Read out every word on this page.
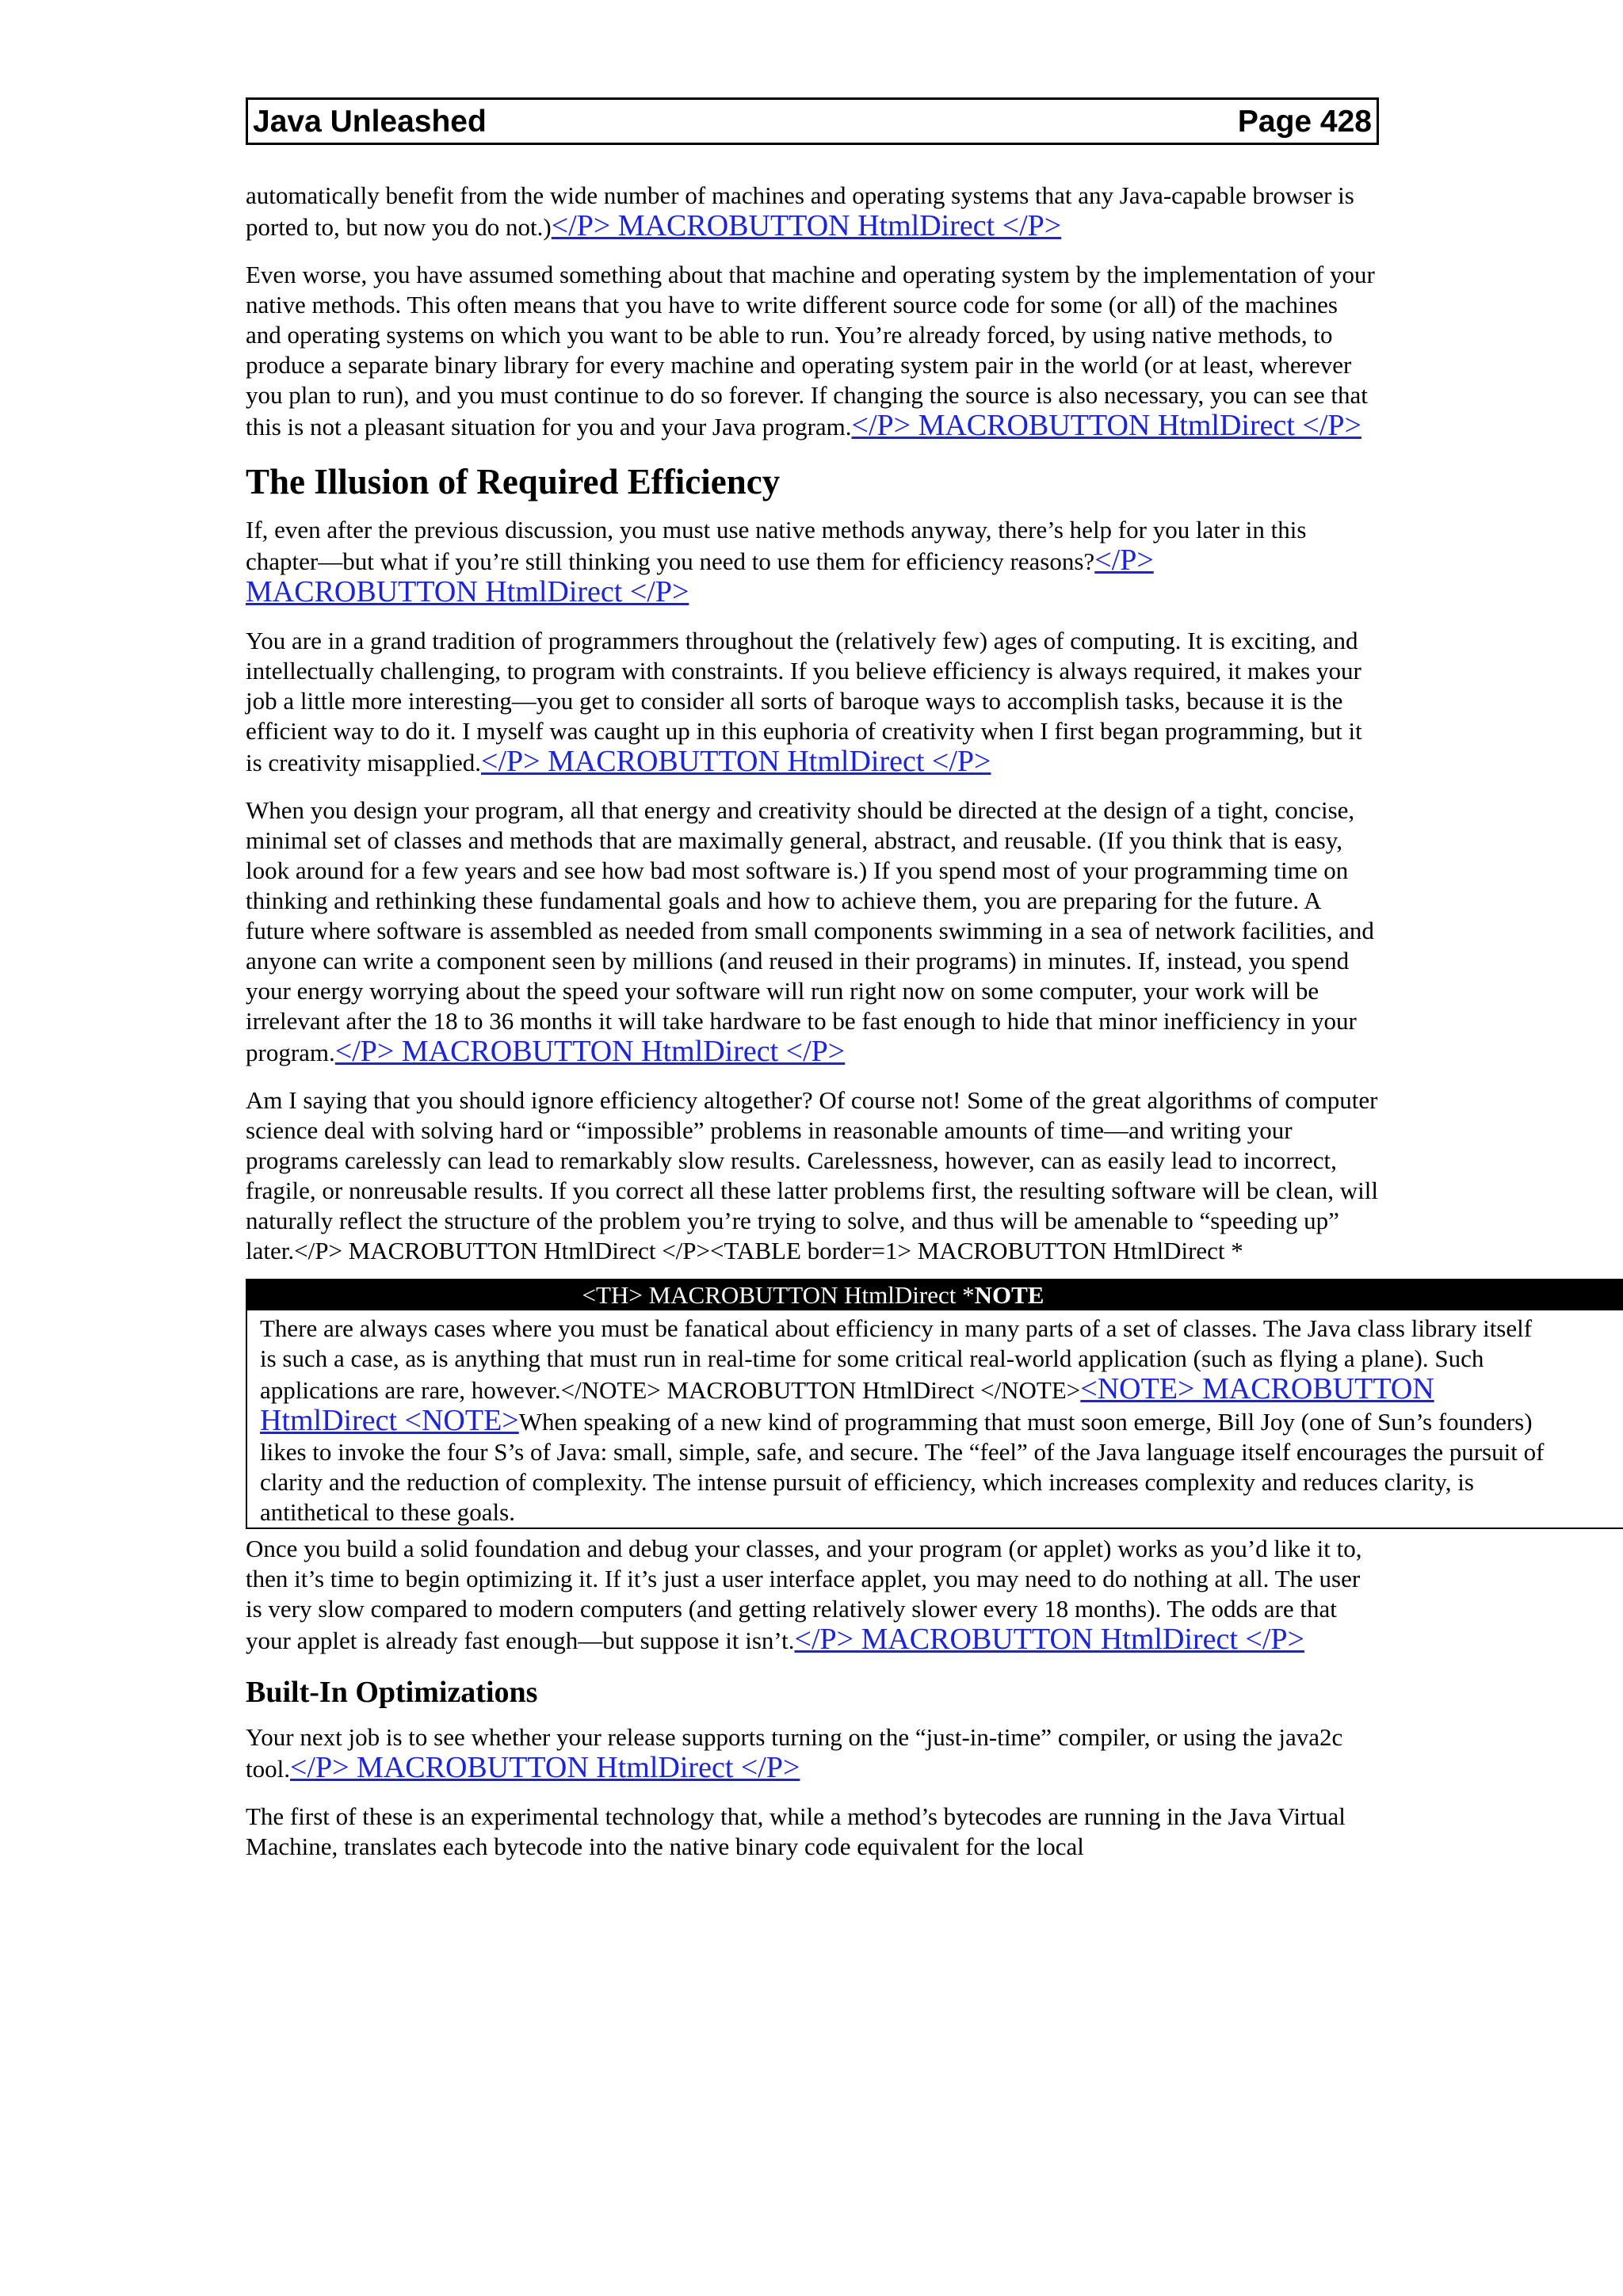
Java Unleashed	Page 428

automatically benefit from the wide number of machines and operating systems that any Java-capable browser is ported to, but now you do not.)</P> MACROBUTTON HtmlDirect </P>

Even worse, you have assumed something about that machine and operating system by the implementation of your native methods. This often means that you have to write different source code for some (or all) of the machines and operating systems on which you want to be able to run. You’re already forced, by using native methods, to produce a separate binary library for every machine and operating system pair in the world (or at least, wherever you plan to run), and you must continue to do so forever. If changing the source is also necessary, you can see that this is not a pleasant situation for you and your Java program.</P> MACROBUTTON HtmlDirect </P>

The Illusion of Required Efficiency

If, even after the previous discussion, you must use native methods anyway, there’s help for you later in this chapter—but what if you’re still thinking you need to use them for efficiency reasons?</P> MACROBUTTON HtmlDirect </P>

You are in a grand tradition of programmers throughout the (relatively few) ages of computing. It is exciting, and intellectually challenging, to program with constraints. If you believe efficiency is always required, it makes your job a little more interesting—you get to consider all sorts of baroque ways to accomplish tasks, because it is the efficient way to do it. I myself was caught up in this euphoria of creativity when I first began programming, but it is creativity misapplied.</P> MACROBUTTON HtmlDirect </P>

When you design your program, all that energy and creativity should be directed at the design of a tight, concise, minimal set of classes and methods that are maximally general, abstract, and reusable. (If you think that is easy, look around for a few years and see how bad most software is.) If you spend most of your programming time on thinking and rethinking these fundamental goals and how to achieve them, you are preparing for the future. A future where software is assembled as needed from small components swimming in a sea of network facilities, and anyone can write a component seen by millions (and reused in their programs) in minutes. If, instead, you spend your energy worrying about the speed your software will run right now on some computer, your work will be irrelevant after the 18 to 36 months it will take hardware to be fast enough to hide that minor inefficiency in your program.</P> MACROBUTTON HtmlDirect </P>

Am I saying that you should ignore efficiency altogether? Of course not! Some of the great algorithms of computer science deal with solving hard or “impossible” problems in reasonable amounts of time—and writing your programs carelessly can lead to remarkably slow results. Carelessness, however, can as easily lead to incorrect, fragile, or nonreusable results. If you correct all these latter problems first, the resulting software will be clean, will naturally reflect the structure of the problem you’re trying to solve, and thus will be amenable to “speeding up” later.</P> MACROBUTTON HtmlDirect </P><TABLE border=1> MACROBUTTON HtmlDirect *

<TH> MACROBUTTON HtmlDirect *NOTE
There are always cases where you must be fanatical about efficiency in many parts of a set of classes. The Java class library itself
is such a case, as is anything that must run in real-time for some critical real-world application (such as flying a plane). Such
applications are rare, however.</NOTE> MACROBUTTON HtmlDirect </NOTE><NOTE> MACROBUTTON
HtmlDirect <NOTE>When speaking of a new kind of programming that must soon emerge, Bill Joy (one of Sun’s founders)
likes to invoke the four S’s of Java: small, simple, safe, and secure. The “feel” of the Java language itself encourages the pursuit of
clarity and the reduction of complexity. The intense pursuit of efficiency, which increases complexity and reduces clarity, is
antithetical to these goals.

Once you build a solid foundation and debug your classes, and your program (or applet) works as you’d like it to, then it’s time to begin optimizing it. If it’s just a user interface applet, you may need to do nothing at all. The user is very slow compared to modern computers (and getting relatively slower every 18 months). The odds are that your applet is already fast enough—but suppose it isn’t.</P> MACROBUTTON HtmlDirect </P>

Built-In Optimizations

Your next job is to see whether your release supports turning on the “just-in-time” compiler, or using the java2c tool.</P> MACROBUTTON HtmlDirect </P>

The first of these is an experimental technology that, while a method’s bytecodes are running in the Java Virtual Machine, translates each bytecode into the native binary code equivalent for the local
